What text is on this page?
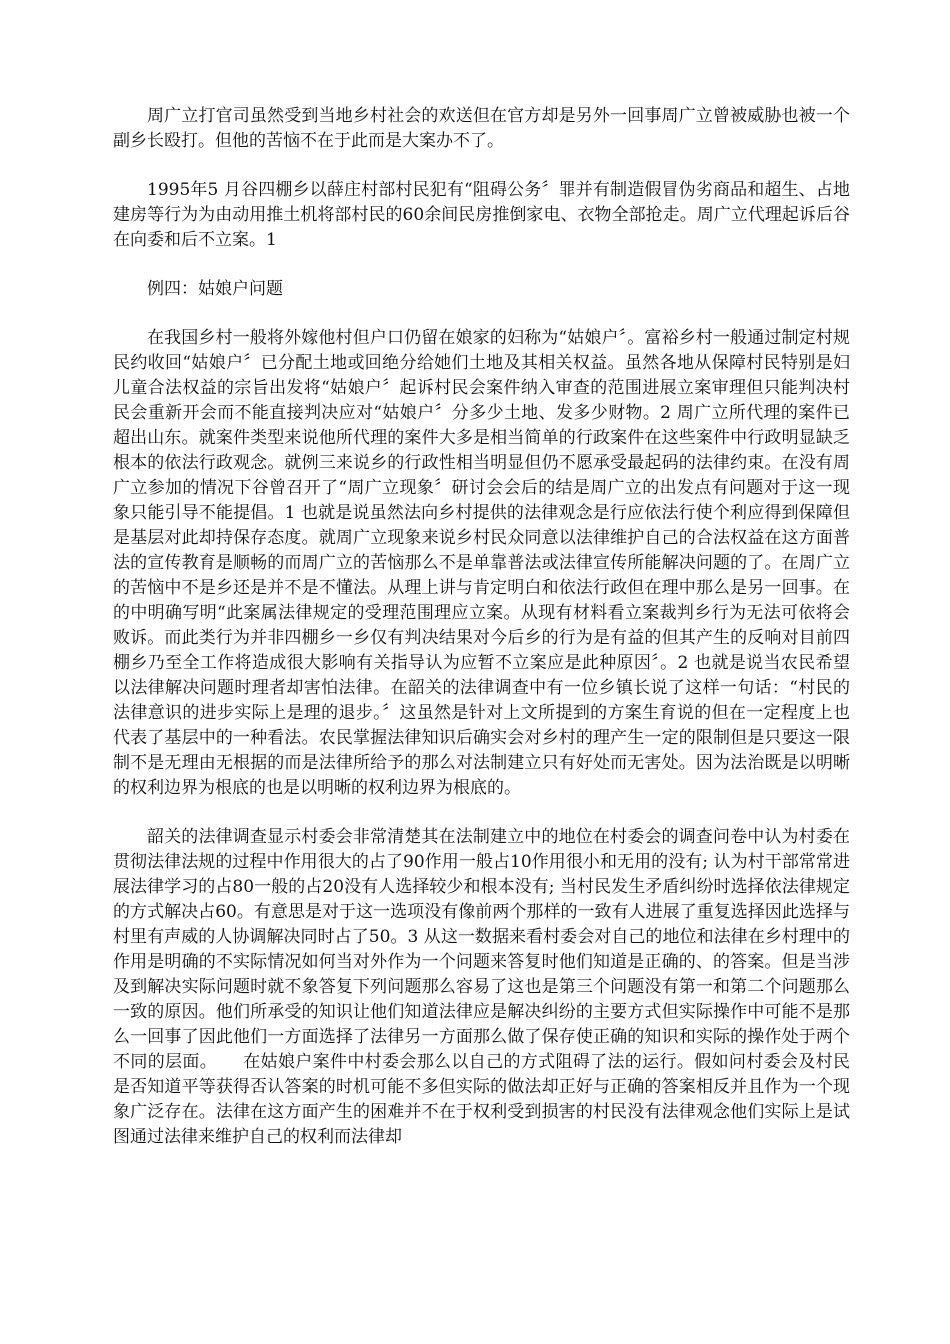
周广立打官司虽然受到当地乡村社会的欢送但在官方却是另外一回事周广立曾被威胁也被一个副乡长殴打。但他的苦恼不在于此而是大案办不了。

1995年5 月谷四棚乡以薛庄村部村民犯有“阻碍公务〞罪并有制造假冒伪劣商品和超生、占地建房等行为为由动用推土机将部村民的60余间民房推倒家电、衣物全部抢走。周广立代理起诉后谷在向委和后不立案。1

例四：姑娘户问题

在我国乡村一般将外嫁他村但户口仍留在娘家的妇称为“姑娘户〞。富裕乡村一般通过制定村规民约收回“姑娘户〞已分配土地或回绝分给她们土地及其相关权益。虽然各地从保障村民特别是妇儿童合法权益的宗旨出发将“姑娘户〞起诉村民会案件纳入审查的范围进展立案审理但只能判决村民会重新开会而不能直接判决应对“姑娘户〞分多少土地、发多少财物。2 周广立所代理的案件已超出山东。就案件类型来说他所代理的案件大多是相当简单的行政案件在这些案件中行政明显缺乏根本的依法行政观念。就例三来说乡的行政性相当明显但仍不愿承受最起码的法律约束。在没有周广立参加的情况下谷曾召开了“周广立现象〞研讨会会后的结是周广立的出发点有问题对于这一现象只能引导不能提倡。1 也就是说虽然法向乡村提供的法律观念是行应依法行使个利应得到保障但是基层对此却持保存态度。就周广立现象来说乡村民众同意以法律维护自己的合法权益在这方面普法的宣传教育是顺畅的而周广立的苦恼那么不是单靠普法或法律宣传所能解决问题的了。在周广立的苦恼中不是乡还是并不是不懂法。从理上讲与肯定明白和依法行政但在理中那么是另一回事。在的中明确写明“此案属法律规定的受理范围理应立案。从现有材料看立案裁判乡行为无法可依将会败诉。而此类行为并非四棚乡一乡仅有判决结果对今后乡的行为是有益的但其产生的反响对目前四棚乡乃至全工作将造成很大影响有关指导认为应暂不立案应是此种原因〞。2 也就是说当农民希望以法律解决问题时理者却害怕法律。在韶关的法律调查中有一位乡镇长说了这样一句话：“村民的法律意识的进步实际上是理的退步。〞这虽然是针对上文所提到的方案生育说的但在一定程度上也代表了基层中的一种看法。农民掌握法律知识后确实会对乡村的理产生一定的限制但是只要这一限制不是无理由无根据的而是法律所给予的那么对法制建立只有好处而无害处。因为法治既是以明晰的权利边界为根底的也是以明晰的权利边界为根底的。

韶关的法律调查显示村委会非常清楚其在法制建立中的地位在村委会的调查问卷中认为村委在贯彻法律法规的过程中作用很大的占了90作用一般占10作用很小和无用的没有; 认为村干部常常进展法律学习的占80一般的占20没有人选择较少和根本没有; 当村民发生矛盾纠纷时选择依法律规定的方式解决占60。有意思是对于这一选项没有像前两个那样的一致有人进展了重复选择因此选择与村里有声威的人协调解决同时占了50。3 从这一数据来看村委会对自己的地位和法律在乡村理中的作用是明确的不实际情况如何当对外作为一个问题来答复时他们知道是正确的、的答案。但是当涉及到解决实际问题时就不象答复下列问题那么容易了这也是第三个问题没有第一和第二个问题那么一致的原因。他们所承受的知识让他们知道法律应是解决纠纷的主要方式但实际操作中可能不是那么一回事了因此他们一方面选择了法律另一方面那么做了保存使正确的知识和实际的操作处于两个不同的层面。　　在姑娘户案件中村委会那么以自己的方式阻碍了法的运行。假如问村委会及村民是否知道平等获得否认答案的时机可能不多但实际的做法却正好与正确的答案相反并且作为一个现象广泛存在。法律在这方面产生的困难并不在于权利受到损害的村民没有法律观念他们实际上是试图通过法律来维护自己的权利而法律却
